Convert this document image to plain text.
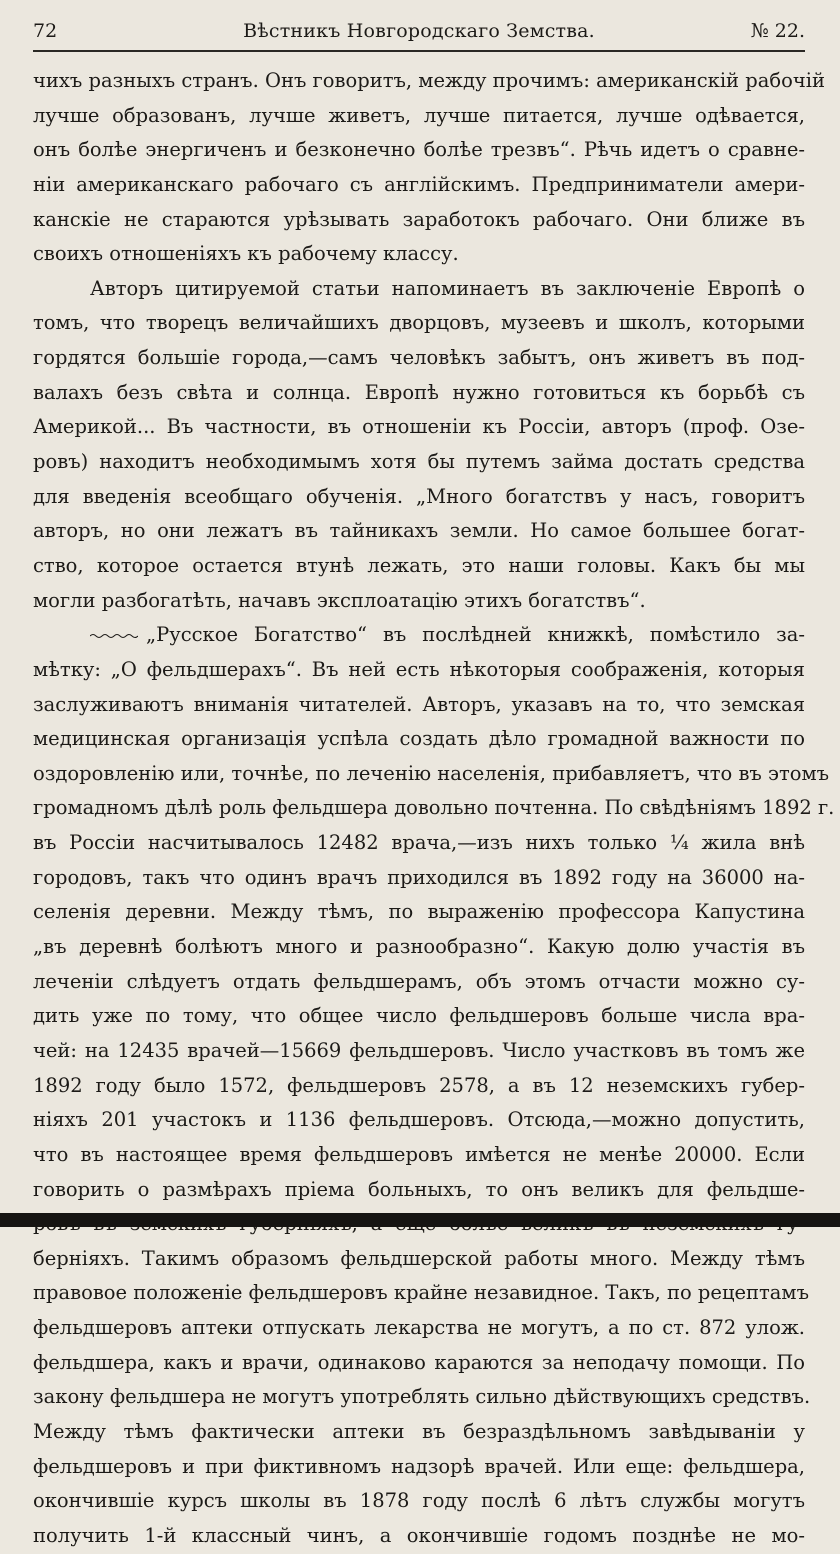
72	Вѣстникъ Новгородскаго Земства.	№ 22.
чихъ разныхъ странъ. Онъ говоритъ, между прочимъ: американскій рабочій
лучше образованъ, лучше живетъ, лучше питается, лучше одѣвается,
онъ болѣе энергиченъ и безконечно болѣе трезвъ“. Рѣчь идетъ о сравне-
ніи американскаго рабочаго съ англійскимъ. Предприниматели амери-
канскіе не стараются урѣзывать заработокъ рабочаго. Они ближе въ
своихъ отношеніяхъ къ рабочему классу.
Авторъ цитируемой статьи напоминаетъ въ заключеніе Европѣ о
томъ, что творецъ величайшихъ дворцовъ, музеевъ и школъ, которыми
гордятся большіе города,—самъ человѣкъ забытъ, онъ живетъ въ под-
валахъ безъ свѣта и солнца. Европѣ нужно готовиться къ борьбѣ съ
Америкой... Въ частности, въ отношеніи къ Россіи, авторъ (проф. Озе-
ровъ) находитъ необходимымъ хотя бы путемъ займа достать средства
для введенія всеобщаго обученія. „Много богатствъ у насъ, говоритъ
авторъ, но они лежатъ въ тайникахъ земли. Но самое большее богат-
ство, которое остается втунѣ лежать, это наши головы. Какъ бы мы
могли разбогатѣть, начавъ эксплоатацію этихъ богатствъ“.
„Русское Богатство“ въ послѣдней книжкѣ, помѣстило за-
мѣтку: „О фельдшерахъ“. Въ ней есть нѣкоторыя соображенія, которыя
заслуживаютъ вниманія читателей. Авторъ, указавъ на то, что земская
медицинская организація успѣла создать дѣло громадной важности по
оздоровленію или, точнѣе, по леченію населенія, прибавляетъ, что въ этомъ
громадномъ дѣлѣ роль фельдшера довольно почтенна. По свѣдѣніямъ 1892 г.
въ Россіи насчитывалось 12482 врача,—изъ нихъ только ¼ жила внѣ
городовъ, такъ что одинъ врачъ приходился въ 1892 году на 36000 на-
селенія деревни. Между тѣмъ, по выраженію профессора Капустина
„въ деревнѣ болѣютъ много и разнообразно“. Какую долю участія въ
леченіи слѣдуетъ отдать фельдшерамъ, объ этомъ отчасти можно су-
дить уже по тому, что общее число фельдшеровъ больше числа вра-
чей: на 12435 врачей—15669 фельдшеровъ. Число участковъ въ томъ же
1892 году было 1572, фельдшеровъ 2578, а въ 12 неземскихъ губер-
ніяхъ 201 участокъ и 1136 фельдшеровъ. Отсюда,—можно допустить,
что въ настоящее время фельдшеровъ имѣется не менѣе 20000. Если
говорить о размѣрахъ пріема больныхъ, то онъ великъ для фельдше-
берніяхъ. Такимъ образомъ фельдшерской работы много. Между тѣмъ
правовое положеніе фельдшеровъ крайне незавидное. Такъ, по рецептамъ
фельдшеровъ аптеки отпускать лекарства не могутъ, а по ст. 872 улож.
фельдшера, какъ и врачи, одинаково караются за неподачу помощи. По
закону фельдшера не могутъ употреблять сильно дѣйствующихъ средствъ.
Между тѣмъ фактически аптеки въ безраздѣльномъ завѣдываніи у
фельдшеровъ и при фиктивномъ надзорѣ врачей. Или еще: фельдшера,
окончившіе курсъ школы въ 1878 году послѣ 6 лѣтъ службы могутъ
получить 1-й классный чинъ, а окончившіе годомъ позднѣе не мо-
